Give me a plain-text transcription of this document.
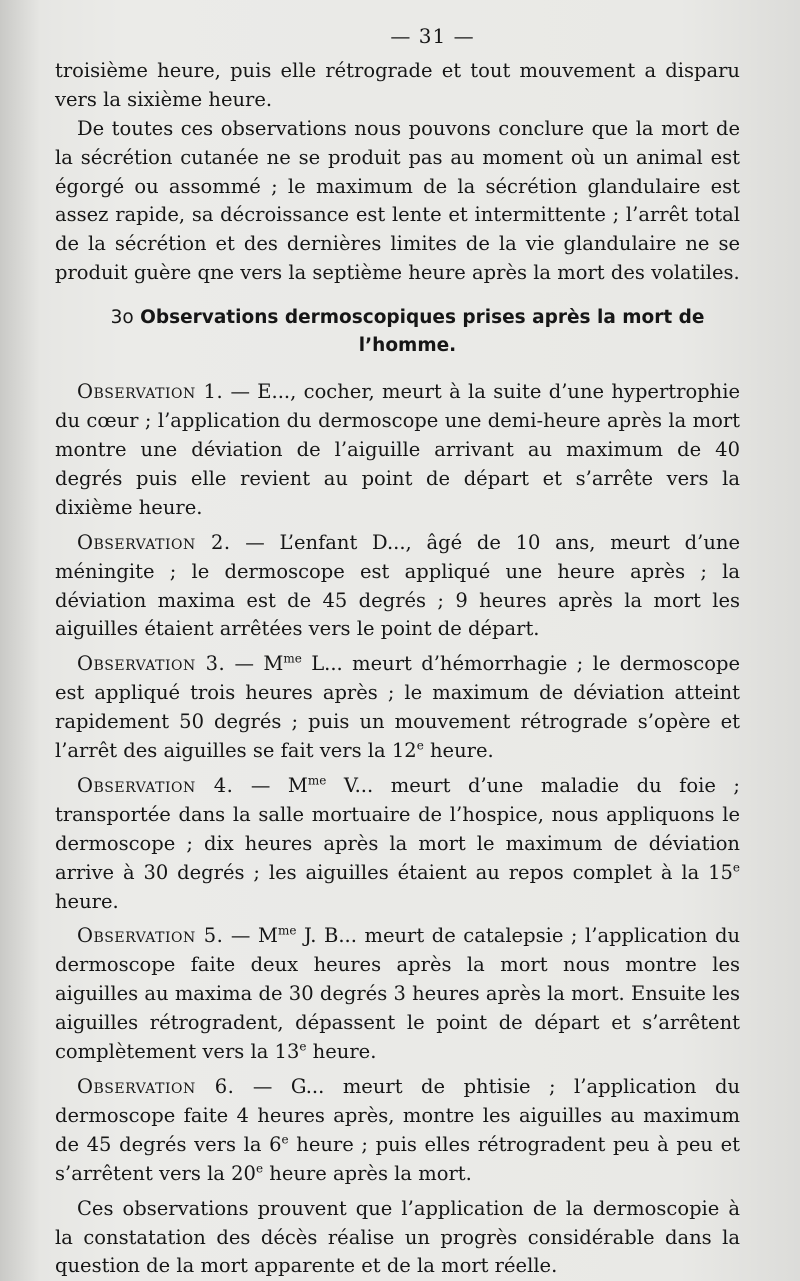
— 31 —

troisième heure, puis elle rétrograde et tout mouvement a disparu

vers la sixième heure.

De toutes ces observations nous pouvons conclure que la mort de la sécrétion cutanée ne se produit pas au moment où un animal est égorgé ou assommé ; le maximum de la sécrétion glandulaire est assez rapide, sa décroissance est lente et intermittente ; l’arrêt total de la sécrétion et des dernières limites de la vie glandulaire ne se produit guère qne vers la septième heure après la mort des volatiles.

3o Observations dermoscopiques prises après la mort de l’homme.

Observation 1. — E..., cocher, meurt à la suite d’une hypertrophie du cœur ; l’application du dermoscope une demi-heure après la mort montre une déviation de l’aiguille arrivant au maximum de 40 degrés puis elle revient au point de départ et s’arrête vers la dixième heure.

Observation 2. — L’enfant D..., âgé de 10 ans, meurt d’une méningite ; le dermoscope est appliqué une heure après ; la déviation maxima est de 45 degrés ; 9 heures après la mort les aiguilles étaient arrêtées vers le point de départ.

Observation 3. — $M^{me}$ L... meurt d’hémorrhagie ; le dermoscope est appliqué trois heures après ; le maximum de déviation atteint rapidement 50 degrés ; puis un mouvement rétrograde s’opère et l’arrêt des aiguilles se fait vers la 12e heure.

Observation 4. — $M^{me}$ V... meurt d’une maladie du foie ; transportée dans la salle mortuaire de l’hospice, nous appliquons le dermoscope ; dix heures après la mort le maximum de déviation arrive à 30 degrés ; les aiguilles étaient au repos complet à la 15e heure.

Observation 5. — $M^{me}$ J. B... meurt de catalepsie ; l’application du dermoscope faite deux heures après la mort nous montre les aiguilles au maxima de 30 degrés 3 heures après la mort. Ensuite les aiguilles rétrogradent, dépassent le point de départ et s’arrêtent complètement vers la 13e heure.

Observation 6. — G... meurt de phtisie ; l’application du dermoscope faite 4 heures après, montre les aiguilles au maximum de 45 degrés vers la 6e heure ; puis elles rétrogradent peu à peu et s’arrêtent vers la 20e heure après la mort.

Ces observations prouvent que l’application de la dermoscopie à la constatation des décès réalise un progrès considérable dans la question de la mort apparente et de la mort réelle.
